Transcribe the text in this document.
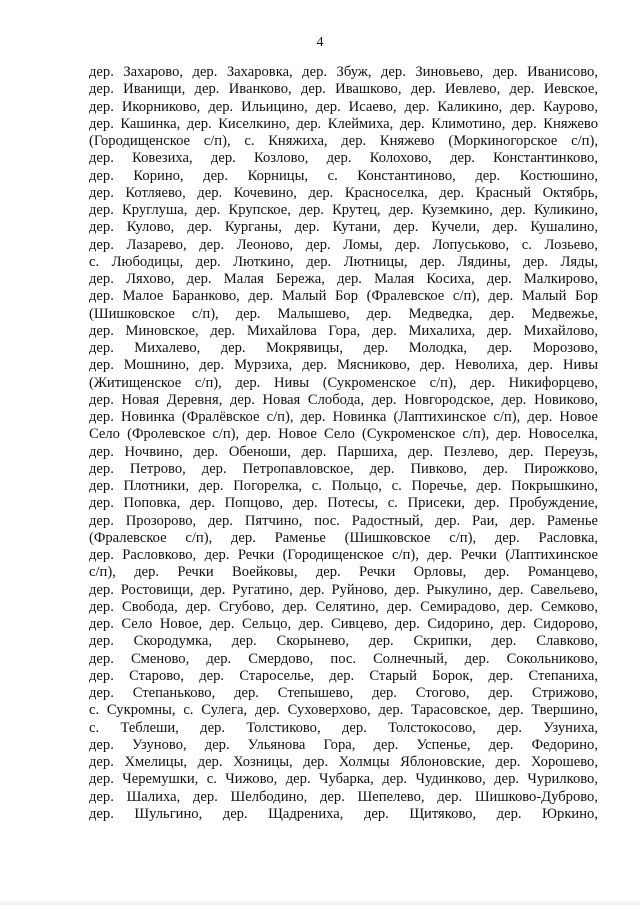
4
дер. Захарово, дер. Захаровка, дер. Збуж, дер. Зиновьево, дер. Иванисово,
дер. Иванищи, дер. Иванково, дер. Ивашково, дер. Иевлево, дер. Иевское,
дер. Икорниково, дер. Ильицино, дер. Исаево, дер. Каликино, дер. Каурово,
дер. Кашинка, дер. Киселкино, дер. Клеймиха, дер. Климотино, дер. Княжево
(Городищенское с/п), с. Княжиха, дер. Княжево (Моркиногорское с/п),
дер. Ковезиха, дер. Козлово, дер. Колохово, дер. Константинково,
дер. Корино, дер. Корницы, с. Константиново, дер. Костюшино,
дер. Котляево, дер. Кочевино, дер. Красноселка, дер. Красный Октябрь,
дер. Круглуша, дер. Крупское, дер. Крутец, дер. Куземкино, дер. Куликино,
дер. Кулово, дер. Курганы, дер. Кутани, дер. Кучели, дер. Кушалино,
дер. Лазарево, дер. Леоново, дер. Ломы, дер. Лопуськово, с. Лозьево,
с. Любодицы, дер. Люткино, дер. Лютницы, дер. Лядины, дер. Ляды,
дер. Ляхово, дер. Малая Бережа, дер. Малая Косиха, дер. Малкирово,
дер. Малое Баранково, дер. Малый Бор (Фралевское с/п), дер. Малый Бор
(Шишковское с/п), дер. Малышево, дер. Медведка, дер. Медвежье,
дер. Миновское, дер. Михайлова Гора, дер. Михалиха, дер. Михайлово,
дер. Михалево, дер. Мокрявицы, дер. Молодка, дер. Морозово,
дер. Мошнино, дер. Мурзиха, дер. Мясниково, дер. Неволиха, дер. Нивы
(Житищенское с/п), дер. Нивы (Сукроменское с/п), дер. Никифорцево,
дер. Новая Деревня, дер. Новая Слобода, дер. Новгородское, дер. Новиково,
дер. Новинка (Фралёвское с/п), дер. Новинка (Лаптихинское с/п), дер. Новое
Село (Фролевское с/п), дер. Новое Село (Сукроменское с/п), дер. Новоселка,
дер. Ночвино, дер. Обеноши, дер. Паршиха, дер. Пезлево, дер. Переузь,
дер. Петрово, дер. Петропавловское, дер. Пивково, дер. Пирожково,
дер. Плотники, дер. Погорелка, с. Польцо, с. Поречье, дер. Покрышкино,
дер. Поповка, дер. Попцово, дер. Потесы, с. Присеки, дер. Пробуждение,
дер. Прозорово, дер. Пятчино, пос. Радостный, дер. Раи, дер. Раменье
(Фралевское с/п), дер. Раменье (Шишковское с/п), дер. Расловка,
дер. Расловково, дер. Речки (Городищенское с/п), дер. Речки (Лаптихинское
с/п), дер. Речки Воейковы, дер. Речки Орловы, дер. Романцево,
дер. Ростовищи, дер. Ругатино, дер. Руйново, дер. Рыкулино, дер. Савельево,
дер. Свобода, дер. Сгубово, дер. Селятино, дер. Семирадово, дер. Семково,
дер. Село Новое, дер. Сельцо, дер. Сивцево, дер. Сидорино, дер. Сидорово,
дер. Скородумка, дер. Скорынево, дер. Скрипки, дер. Славково,
дер. Сменово, дер. Смердово, пос. Солнечный, дер. Сокольниково,
дер. Старово, дер. Староселье, дер. Старый Борок, дер. Степаниха,
дер. Степаньково, дер. Степышево, дер. Стогово, дер. Стрижово,
с. Сукромны, с. Сулега, дер. Суховерхово, дер. Тарасовское, дер. Твершино,
с. Теблеши, дер. Толстиково, дер. Толстокосово, дер. Узуниха,
дер. Узуново, дер. Ульянова Гора, дер. Успенье, дер. Федорино,
дер. Хмелицы, дер. Хозницы, дер. Холмцы Яблоновские, дер. Хорошево,
дер. Черемушки, с. Чижово, дер. Чубарка, дер. Чудинково, дер. Чурилково,
дер. Шалиха, дер. Шелбодино, дер. Шепелево, дер. Шишково-Дуброво,
дер. Шульгино, дер. Щадрениха, дер. Щитяково, дер. Юркино,
